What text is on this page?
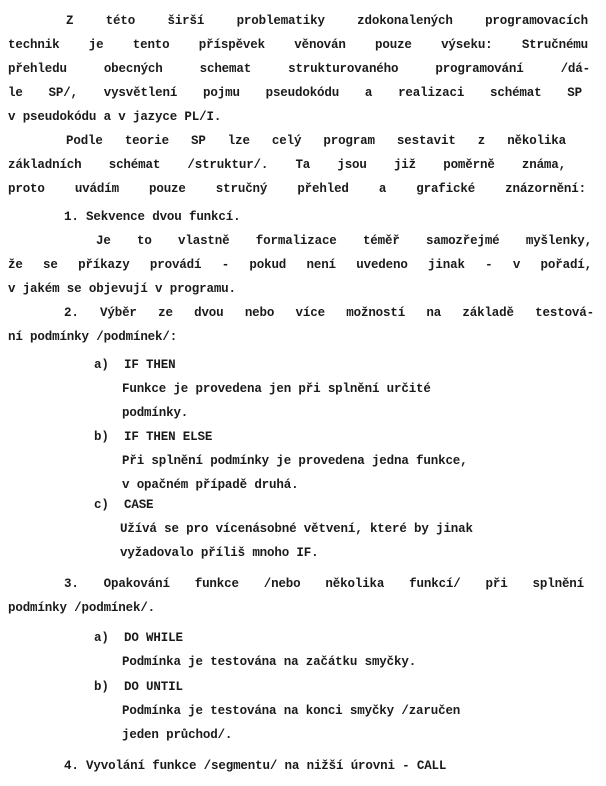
Z této širší problematiky zdokonalených programovacích
technik je tento příspěvek věnován pouze výseku: Stručnému
přehledu obecných schemat strukturovaného programování /dá-
le SP/, vysvětlení pojmu pseudokódu a realizaci schémat SP
v pseudokódu a v jazyce PL/I.
Podle teorie SP lze celý program sestavit z několika
základních schémat /struktur/. Ta jsou již poměrně známa,
proto uvádím pouze stručný přehled a grafické znázornění:
1. Sekvence dvou funkcí.
Je to vlastně formalizace téměř samozřejmé myšlenky,
že se příkazy provádí - pokud není uvedeno jinak - v pořadí,
v jakém se objevují v programu.
2. Výběr ze dvou nebo více možností na základě testová-
ní podmínky /podmínek/:
a) IF THEN
Funkce je provedena jen při splnění určité
podmínky.
b) IF THEN ELSE
Při splnění podmínky je provedena jedna funkce,
v opačném případě druhá.
c) CASE
Užívá se pro vícenásobné větvení, které by jinak
vyžadovalo příliš mnoho IF.
3. Opakování funkce /nebo několika funkcí/ při splnění
podmínky /podmínek/.
a) DO WHILE
Podmínka je testována na začátku smyčky.
b) DO UNTIL
Podmínka je testována na konci smyčky /zaručen
jeden průchod/.
4. Vyvolání funkce /segmentu/ na nižší úrovni - CALL
